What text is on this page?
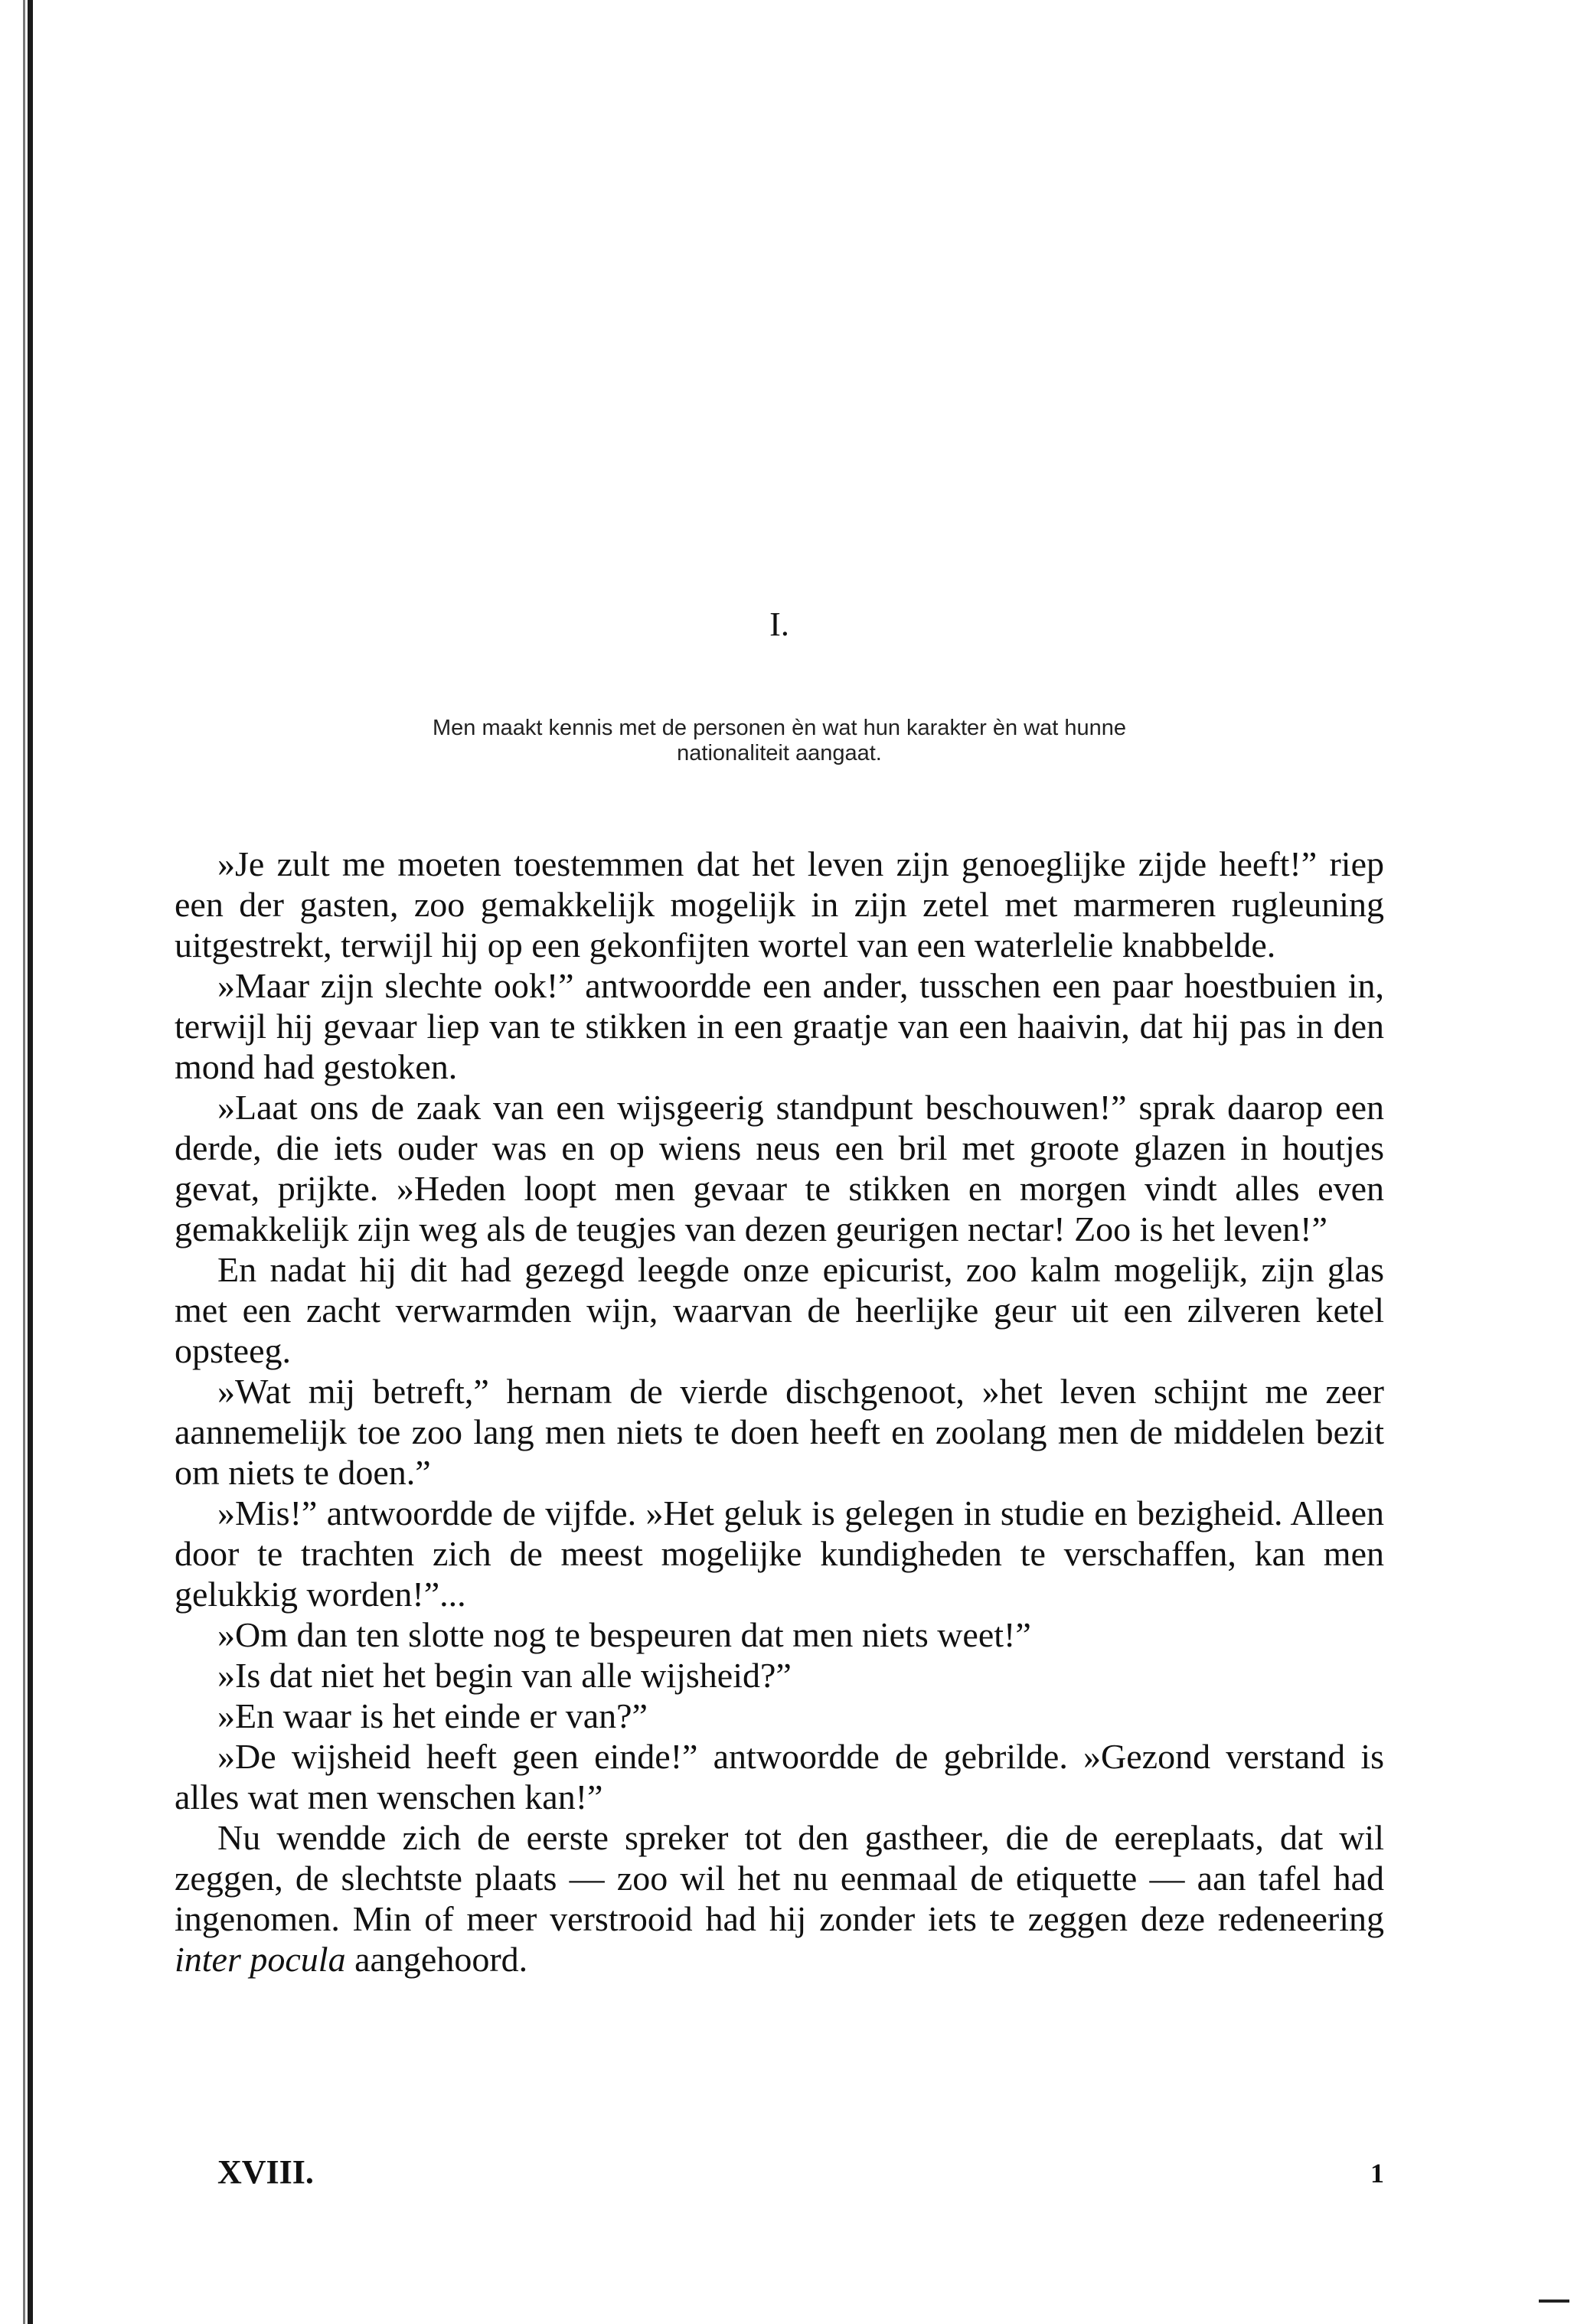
I.
Men maakt kennis met de personen èn wat hun karakter èn wat hunne
nationaliteit aangaat.

»Je zult me moeten toestemmen dat het leven zijn genoeglijke zijde heeft!” riep een der gasten, zoo gemakkelijk mogelijk in zijn zetel met marmeren rugleuning uitgestrekt, terwijl hij op een gekonfijten wortel van een waterlelie knabbelde.

»Maar zijn slechte ook!” antwoordde een ander, tusschen een paar hoestbuien in, terwijl hij gevaar liep van te stikken in een graatje van een haaivin, dat hij pas in den mond had gestoken.

»Laat ons de zaak van een wijsgeerig standpunt beschouwen!” sprak daarop een derde, die iets ouder was en op wiens neus een bril met groote glazen in houtjes gevat, prijkte. »Heden loopt men gevaar te stikken en morgen vindt alles even gemakkelijk zijn weg als de teugjes van dezen geurigen nectar! Zoo is het leven!”

En nadat hij dit had gezegd leegde onze epicurist, zoo kalm mogelijk, zijn glas met een zacht verwarmden wijn, waarvan de heerlijke geur uit een zilveren ketel opsteeg.

»Wat mij betreft,” hernam de vierde dischgenoot, »het leven schijnt me zeer aannemelijk toe zoo lang men niets te doen heeft en zoolang men de middelen bezit om niets te doen.”

»Mis!” antwoordde de vijfde. »Het geluk is gelegen in studie en bezigheid. Alleen door te trachten zich de meest mogelijke kundigheden te verschaffen, kan men gelukkig worden!”...

»Om dan ten slotte nog te bespeuren dat men niets weet!”

»Is dat niet het begin van alle wijsheid?”

»En waar is het einde er van?”

»De wijsheid heeft geen einde!” antwoordde de gebrilde. »Gezond verstand is alles wat men wenschen kan!”

Nu wendde zich de eerste spreker tot den gastheer, die de eereplaats, dat wil zeggen, de slechtste plaats — zoo wil het nu eenmaal de etiquette — aan tafel had ingenomen. Min of meer verstrooid had hij zonder iets te zeggen deze redeneering inter pocula aangehoord.

XVIII.	1
